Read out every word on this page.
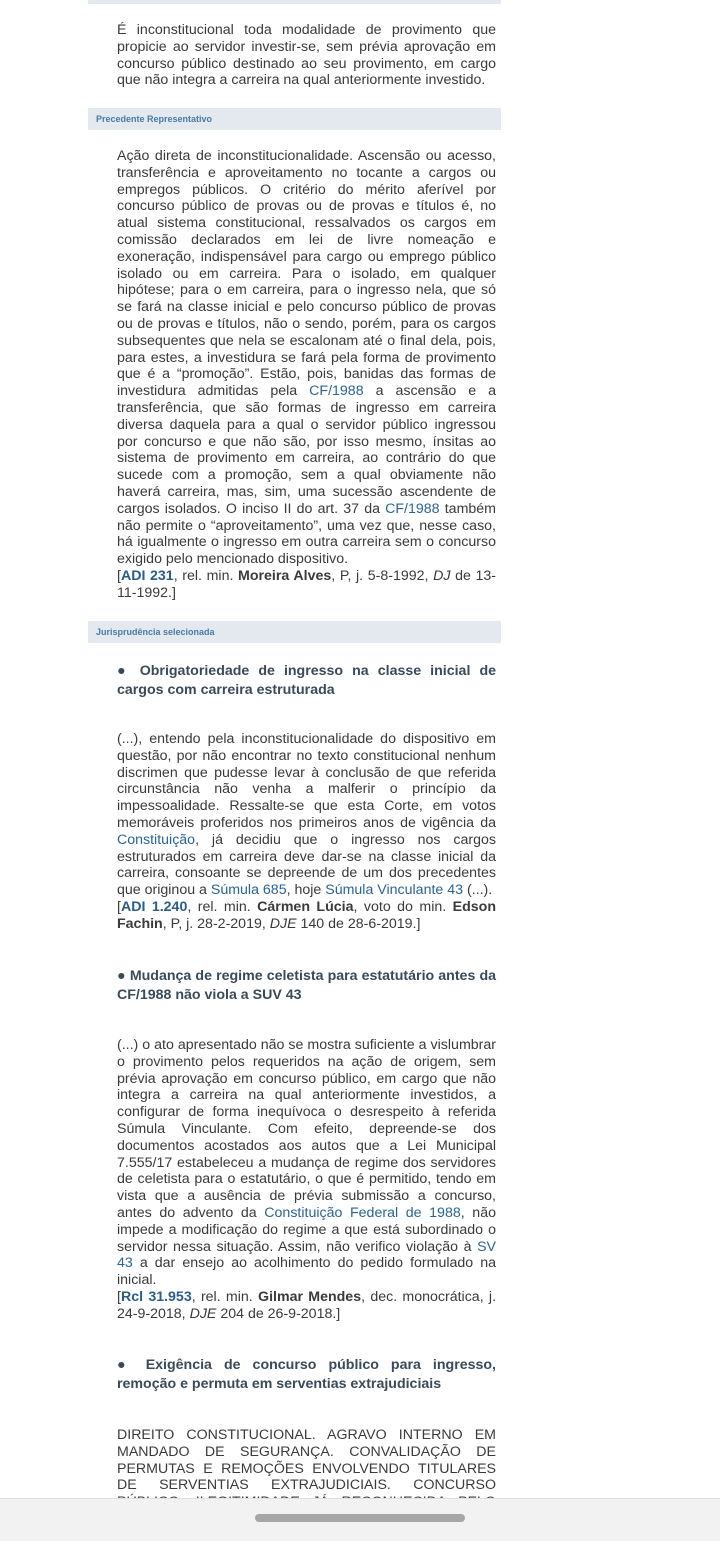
É inconstitucional toda modalidade de provimento que propicie ao servidor investir-se, sem prévia aprovação em concurso público destinado ao seu provimento, em cargo que não integra a carreira na qual anteriormente investido.

Precedente Representativo

Ação direta de inconstitucionalidade. Ascensão ou acesso, transferência e aproveitamento no tocante a cargos ou empregos públicos. O critério do mérito aferível por concurso público de provas ou de provas e títulos é, no atual sistema constitucional, ressalvados os cargos em comissão declarados em lei de livre nomeação e exoneração, indispensável para cargo ou emprego público isolado ou em carreira. Para o isolado, em qualquer hipótese; para o em carreira, para o ingresso nela, que só se fará na classe inicial e pelo concurso público de provas ou de provas e títulos, não o sendo, porém, para os cargos subsequentes que nela se escalonam até o final dela, pois, para estes, a investidura se fará pela forma de provimento que é a “promoção”. Estão, pois, banidas das formas de investidura admitidas pela CF/1988 a ascensão e a transferência, que são formas de ingresso em carreira diversa daquela para a qual o servidor público ingressou por concurso e que não são, por isso mesmo, ínsitas ao sistema de provimento em carreira, ao contrário do que sucede com a promoção, sem a qual obviamente não haverá carreira, mas, sim, uma sucessão ascendente de cargos isolados. O inciso II do art. 37 da CF/1988 também não permite o “aproveitamento”, uma vez que, nesse caso, há igualmente o ingresso em outra carreira sem o concurso exigido pelo mencionado dispositivo.
[ADI 231, rel. min. Moreira Alves, P, j. 5-8-1992, DJ de 13-11-1992.]

Jurisprudência selecionada

● Obrigatoriedade de ingresso na classe inicial de cargos com carreira estruturada

(...), entendo pela inconstitucionalidade do dispositivo em questão, por não encontrar no texto constitucional nenhum discrimen que pudesse levar à conclusão de que referida circunstância não venha a malferir o princípio da impessoalidade. Ressalte-se que esta Corte, em votos memoráveis proferidos nos primeiros anos de vigência da Constituição, já decidiu que o ingresso nos cargos estruturados em carreira deve dar-se na classe inicial da carreira, consoante se depreende de um dos precedentes que originou a Súmula 685, hoje Súmula Vinculante 43 (...).
[ADI 1.240, rel. min. Cármen Lúcia, voto do min. Edson Fachin, P, j. 28-2-2019, DJE 140 de 28-6-2019.]

● Mudança de regime celetista para estatutário antes da CF/1988 não viola a SUV 43

(...) o ato apresentado não se mostra suficiente a vislumbrar o provimento pelos requeridos na ação de origem, sem prévia aprovação em concurso público, em cargo que não integra a carreira na qual anteriormente investidos, a configurar de forma inequívoca o desrespeito à referida Súmula Vinculante. Com efeito, depreende-se dos documentos acostados aos autos que a Lei Municipal 7.555/17 estabeleceu a mudança de regime dos servidores de celetista para o estatutário, o que é permitido, tendo em vista que a ausência de prévia submissão a concurso, antes do advento da Constituição Federal de 1988, não impede a modificação do regime a que está subordinado o servidor nessa situação. Assim, não verifico violação à SV 43 a dar ensejo ao acolhimento do pedido formulado na inicial.
[Rcl 31.953, rel. min. Gilmar Mendes, dec. monocrática, j. 24-9-2018, DJE 204 de 26-9-2018.]

● Exigência de concurso público para ingresso, remoção e permuta em serventias extrajudiciais

DIREITO CONSTITUCIONAL. AGRAVO INTERNO EM MANDADO DE SEGURANÇA. CONVALIDAÇÃO DE PERMUTAS E REMOÇÕES ENVOLVENDO TITULARES DE SERVENTIAS EXTRAJUDICIAIS. CONCURSO
